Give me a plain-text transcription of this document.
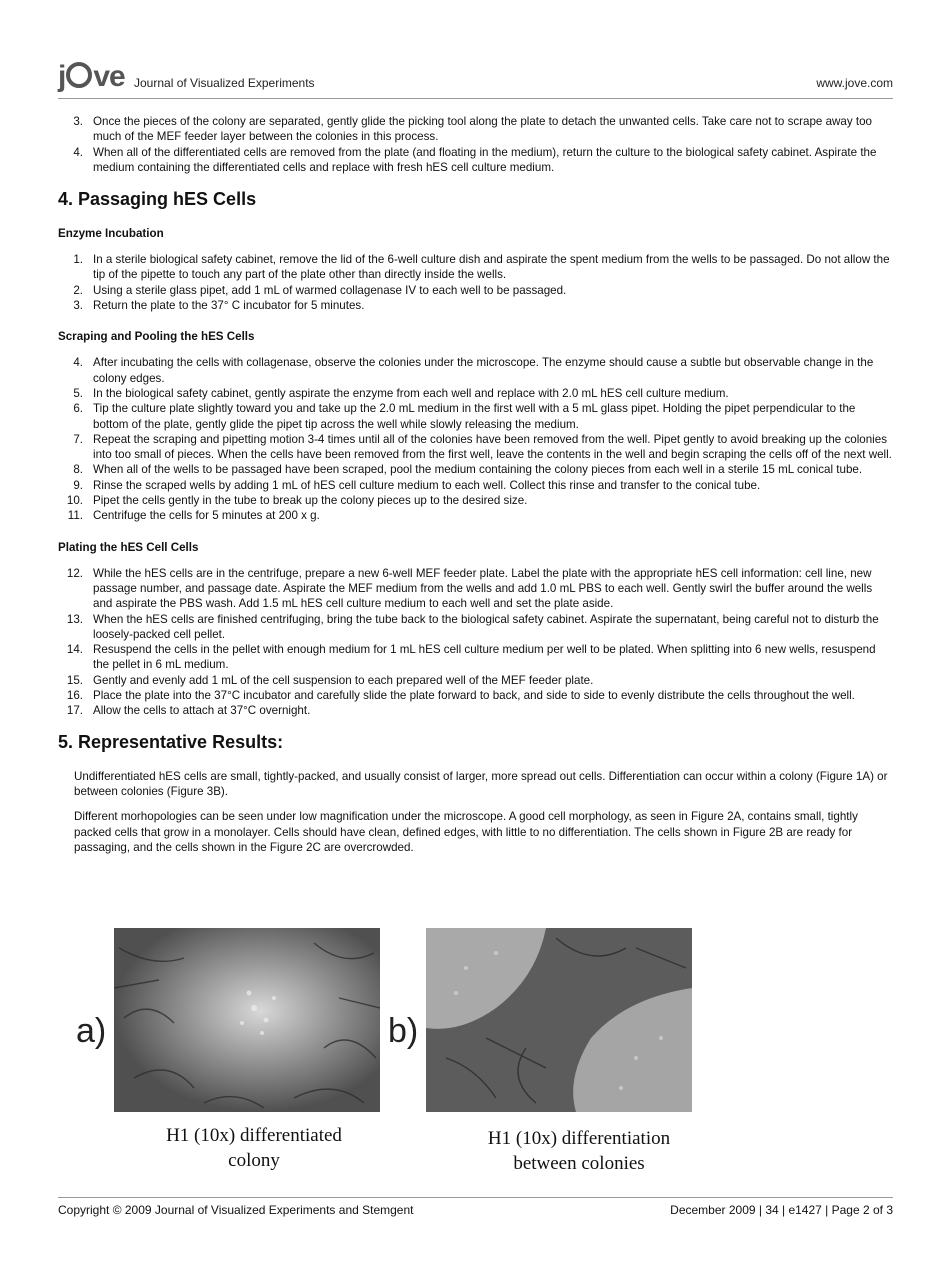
j ve Journal of Visualized Experiments	www.jove.com
3. Once the pieces of the colony are separated, gently glide the picking tool along the plate to detach the unwanted cells. Take care not to scrape away too much of the MEF feeder layer between the colonies in this process.
4. When all of the differentiated cells are removed from the plate (and floating in the medium), return the culture to the biological safety cabinet. Aspirate the medium containing the differentiated cells and replace with fresh hES cell culture medium.
4. Passaging hES Cells
Enzyme Incubation
1. In a sterile biological safety cabinet, remove the lid of the 6-well culture dish and aspirate the spent medium from the wells to be passaged. Do not allow the tip of the pipette to touch any part of the plate other than directly inside the wells.
2. Using a sterile glass pipet, add 1 mL of warmed collagenase IV to each well to be passaged.
3. Return the plate to the 37° C incubator for 5 minutes.
Scraping and Pooling the hES Cells
4. After incubating the cells with collagenase, observe the colonies under the microscope. The enzyme should cause a subtle but observable change in the colony edges.
5. In the biological safety cabinet, gently aspirate the enzyme from each well and replace with 2.0 mL hES cell culture medium.
6. Tip the culture plate slightly toward you and take up the 2.0 mL medium in the first well with a 5 mL glass pipet. Holding the pipet perpendicular to the bottom of the plate, gently glide the pipet tip across the well while slowly releasing the medium.
7. Repeat the scraping and pipetting motion 3-4 times until all of the colonies have been removed from the well. Pipet gently to avoid breaking up the colonies into too small of pieces. When the cells have been removed from the first well, leave the contents in the well and begin scraping the cells off of the next well.
8. When all of the wells to be passaged have been scraped, pool the medium containing the colony pieces from each well in a sterile 15 mL conical tube.
9. Rinse the scraped wells by adding 1 mL of hES cell culture medium to each well. Collect this rinse and transfer to the conical tube.
10. Pipet the cells gently in the tube to break up the colony pieces up to the desired size.
11. Centrifuge the cells for 5 minutes at 200 x g.
Plating the hES Cell Cells
12. While the hES cells are in the centrifuge, prepare a new 6-well MEF feeder plate. Label the plate with the appropriate hES cell information: cell line, new passage number, and passage date. Aspirate the MEF medium from the wells and add 1.0 mL PBS to each well. Gently swirl the buffer around the wells and aspirate the PBS wash. Add 1.5 mL hES cell culture medium to each well and set the plate aside.
13. When the hES cells are finished centrifuging, bring the tube back to the biological safety cabinet. Aspirate the supernatant, being careful not to disturb the loosely-packed cell pellet.
14. Resuspend the cells in the pellet with enough medium for 1 mL hES cell culture medium per well to be plated. When splitting into 6 new wells, resuspend the pellet in 6 mL medium.
15. Gently and evenly add 1 mL of the cell suspension to each prepared well of the MEF feeder plate.
16. Place the plate into the 37°C incubator and carefully slide the plate forward to back, and side to side to evenly distribute the cells throughout the well.
17. Allow the cells to attach at 37°C overnight.
5. Representative Results:

Undifferentiated hES cells are small, tightly-packed, and usually consist of larger, more spread out cells. Differentiation can occur within a colony (Figure 1A) or between colonies (Figure 3B).

Different morhopologies can be seen under low magnification under the microscope. A good cell morphology, as seen in Figure 2A, contains small, tightly packed cells that grow in a monolayer. Cells should have clean, defined edges, with little to no differentiation. The cells shown in Figure 2B are ready for passaging, and the cells shown in the Figure 2C are overcrowded.

a)	b)
H1 (10x) differentiated
colony
H1 (10x) differentiation
between colonies
Copyright © 2009 Journal of Visualized Experiments and Stemgent	December 2009 | 34 | e1427 | Page 2 of 3
